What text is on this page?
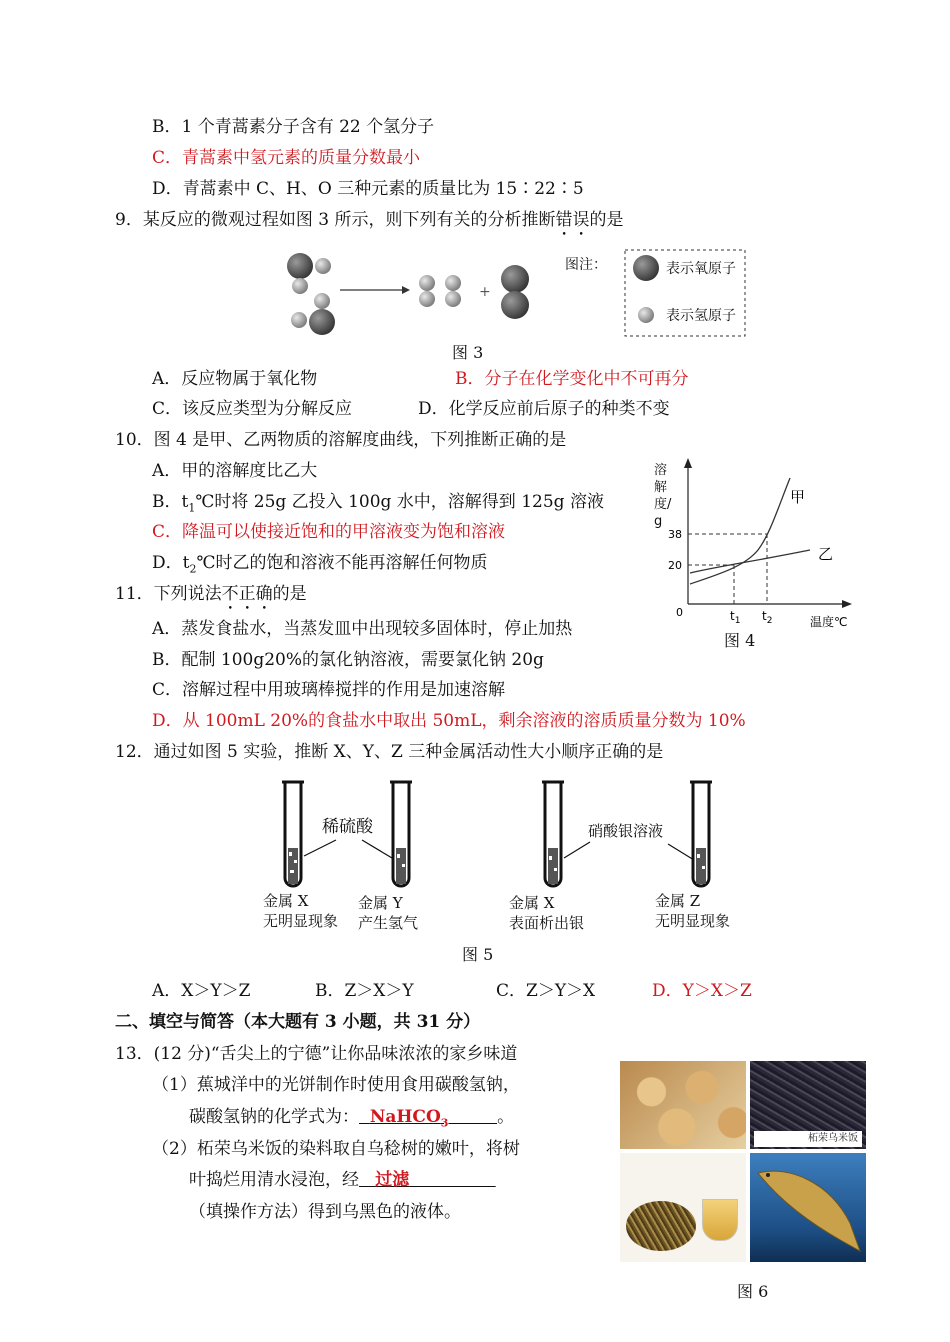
B．1 个青蒿素分子含有 22 个氢分子
C．青蒿素中氢元素的质量分数最小
D．青蒿素中 C、H、O 三种元素的质量比为 15∶22∶5
9．某反应的微观过程如图 3 所示，则下列有关的分析推断错误的是
+
图注：	表示氧原子
表示氢原子
图 3
A．反应物属于氧化物	B．分子在化学变化中不可再分
C．该反应类型为分解反应	D．化学反应前后原子的种类不变
10．图 4 是甲、乙两物质的溶解度曲线，下列推断正确的是
A．甲的溶解度比乙大
B．$t_1℃$时将 25g 乙投入 100g 水中，溶解得到 125g 溶液
C．降温可以使接近饱和的甲溶液变为饱和溶液
D．$t_2℃$时乙的饱和溶液不能再溶解任何物质
38
20
0
温度℃
$t_1$ $t_2$
甲
乙
溶解度/g
图 4
11．下列说法不正确的是
A．蒸发食盐水，当蒸发皿中出现较多固体时，停止加热
B．配制 100g20%的氯化钠溶液，需要氯化钠 20g
C．溶解过程中用玻璃棒搅拌的作用是加速溶解
D．从 100mL 20%的食盐水中取出 50mL，剩余溶液的溶质质量分数为 10%
12．通过如图 5 实验，推断 X、Y、Z 三种金属活动性大小顺序正确的是
稀硫酸	硝酸银溶液
金属 X
无明显现象
金属 Y
产生氢气
金属 X
表面析出银
金属 Z
无明显现象
图 5
A．X＞Y＞Z	B．Z＞X＞Y	C．Z＞Y＞X	D．Y＞X＞Z
二、填空与简答（本大题有 3 小题，共 31 分）
13．(12 分)“舌尖上的宁德”让你品味浓浓的家乡味道
（1）蕉城洋中的光饼制作时使用食用碳酸氢钠，
碳酸氢钠的化学式为： NaHCO$_3$	。
（2）柘荣乌米饭的染料取自乌稔树的嫩叶，将树
叶捣烂用清水浸泡，经 过滤
（填操作方法）得到乌黑色的液体。
柘荣乌米饭
图 6
